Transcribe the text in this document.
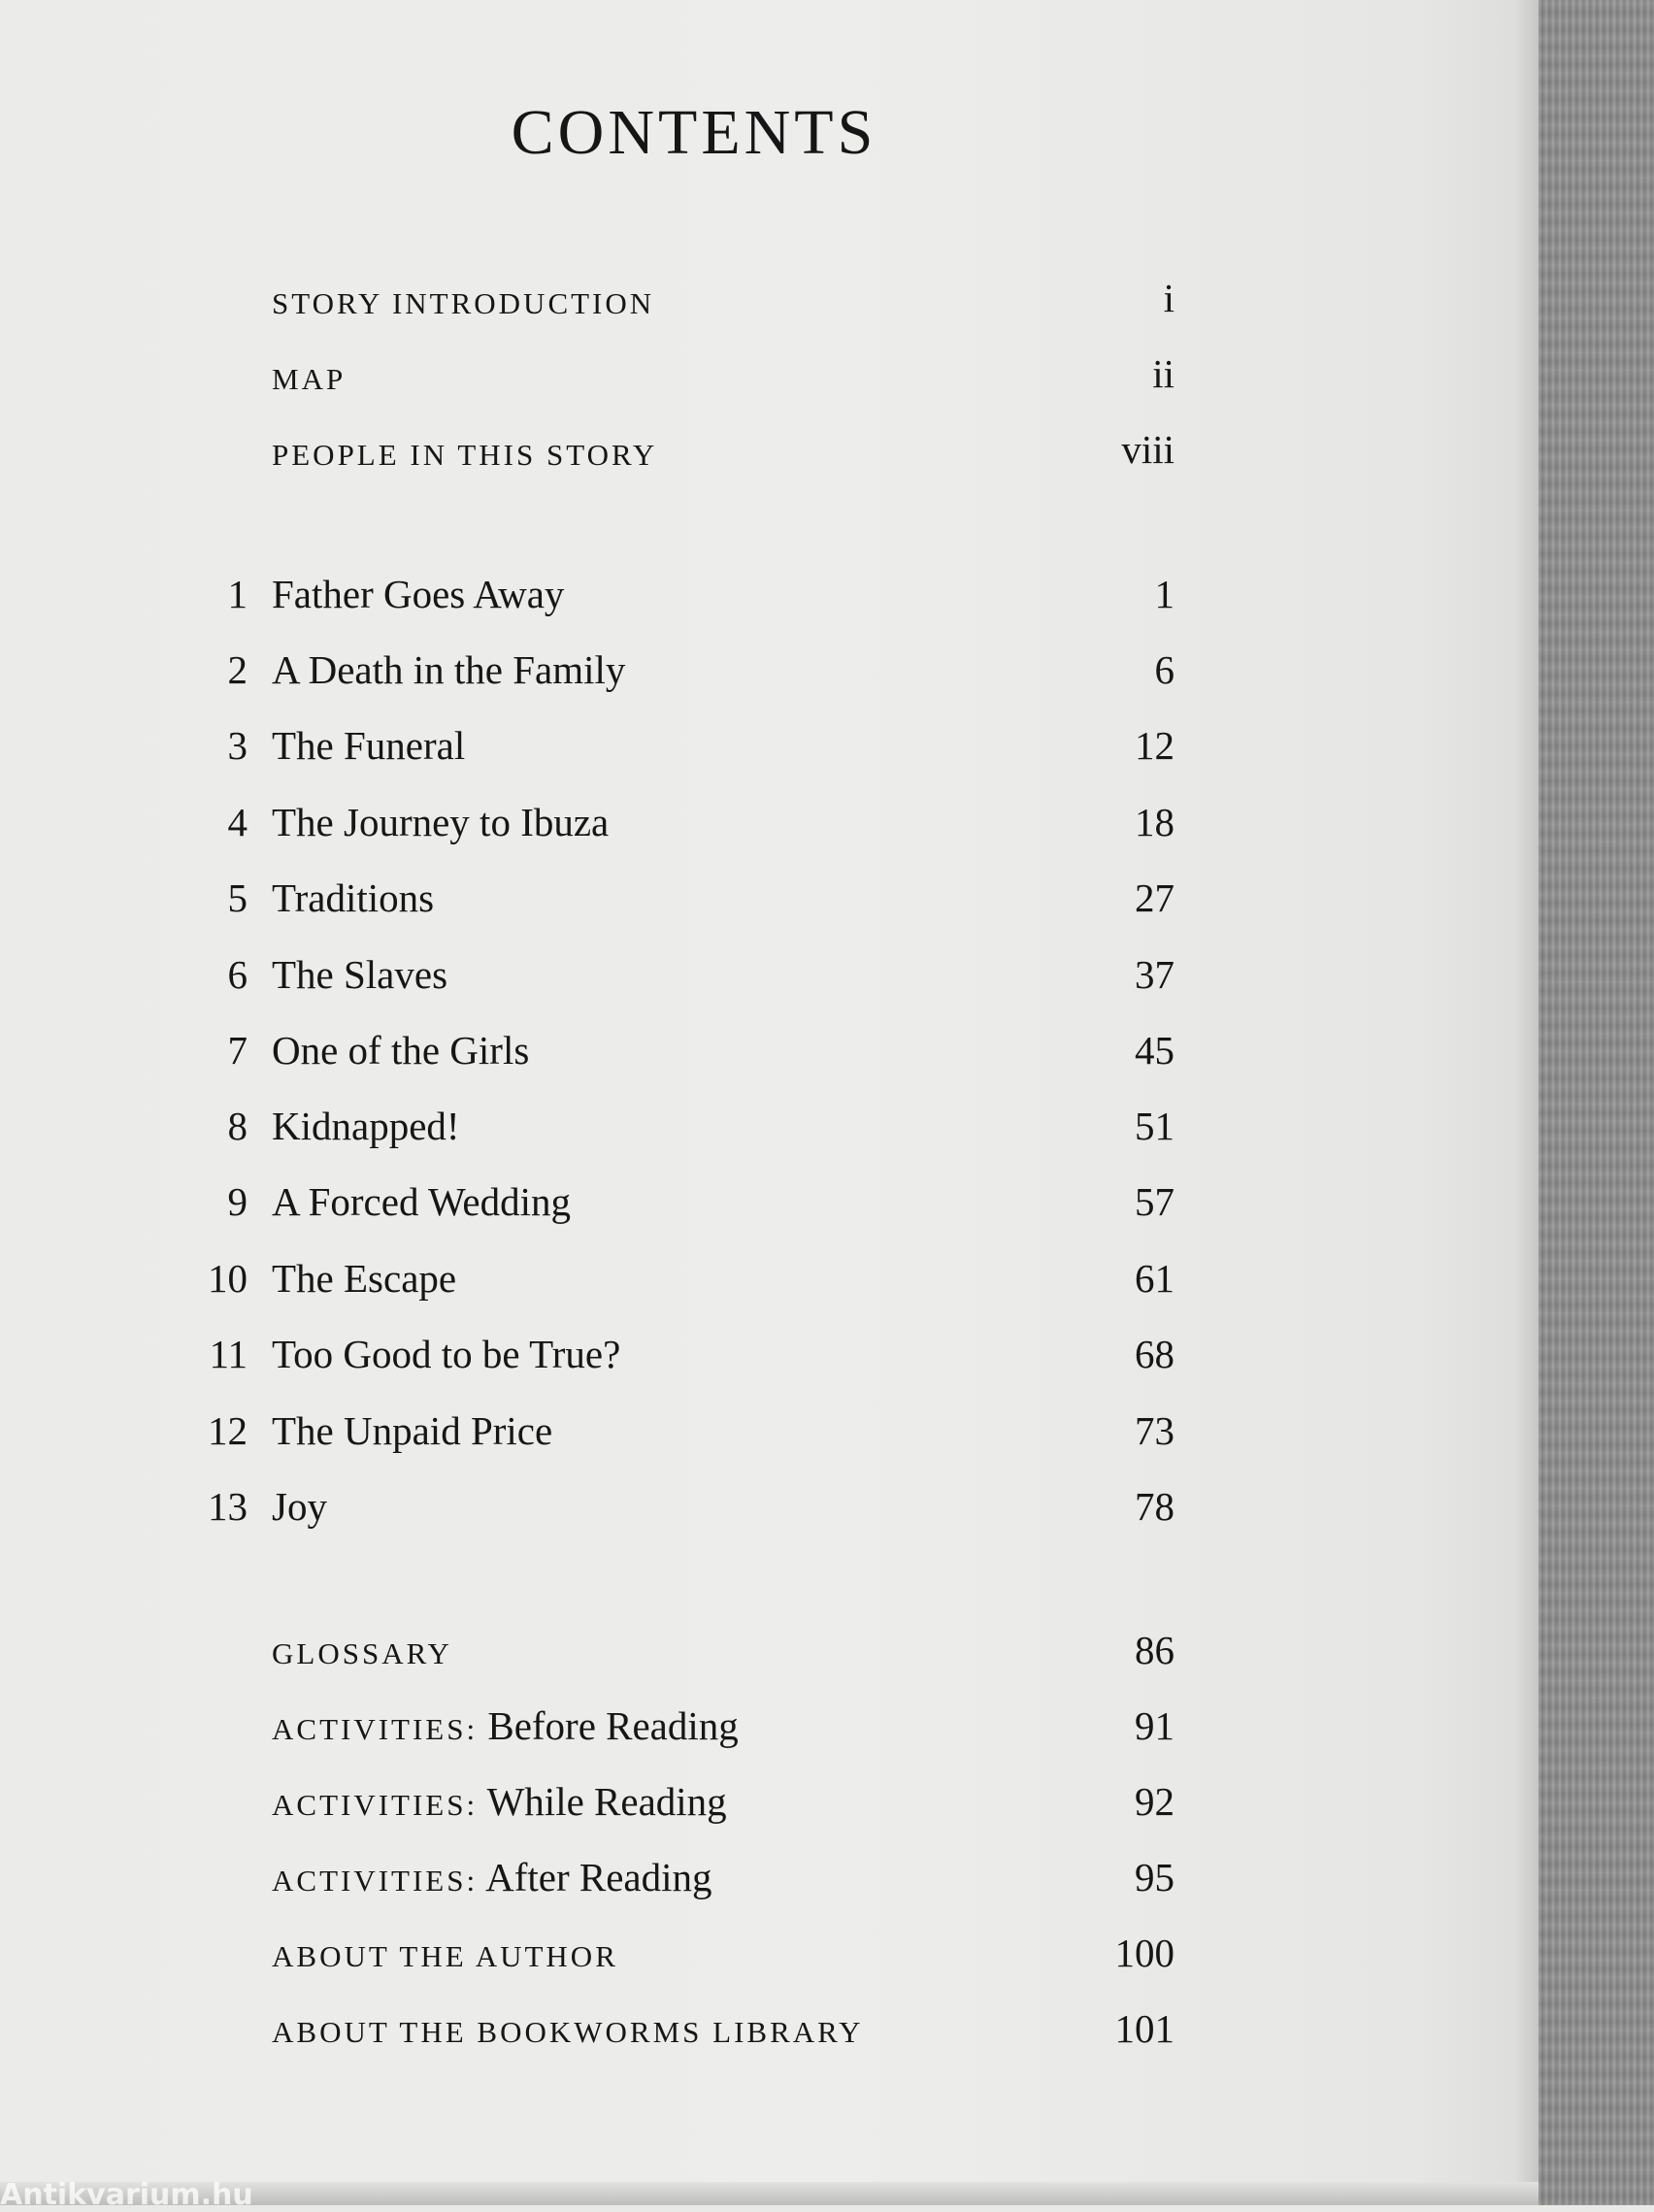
Antikvarium.hu
CONTENTS
STORY INTRODUCTION	i
MAP	ii
PEOPLE IN THIS STORY	viii
1 Father Goes Away	1
2 A Death in the Family	6
3 The Funeral	12
4 The Journey to Ibuza	18
5 Traditions	27
6 The Slaves	37
7 One of the Girls	45
8 Kidnapped!	51
9 A Forced Wedding	57
10 The Escape	61
11 Too Good to be True?	68
12 The Unpaid Price	73
13 Joy	78
GLOSSARY	86
ACTIVITIES: Before Reading	91
ACTIVITIES: While Reading	92
ACTIVITIES: After Reading	95
ABOUT THE AUTHOR	100
ABOUT THE BOOKWORMS LIBRARY	101
